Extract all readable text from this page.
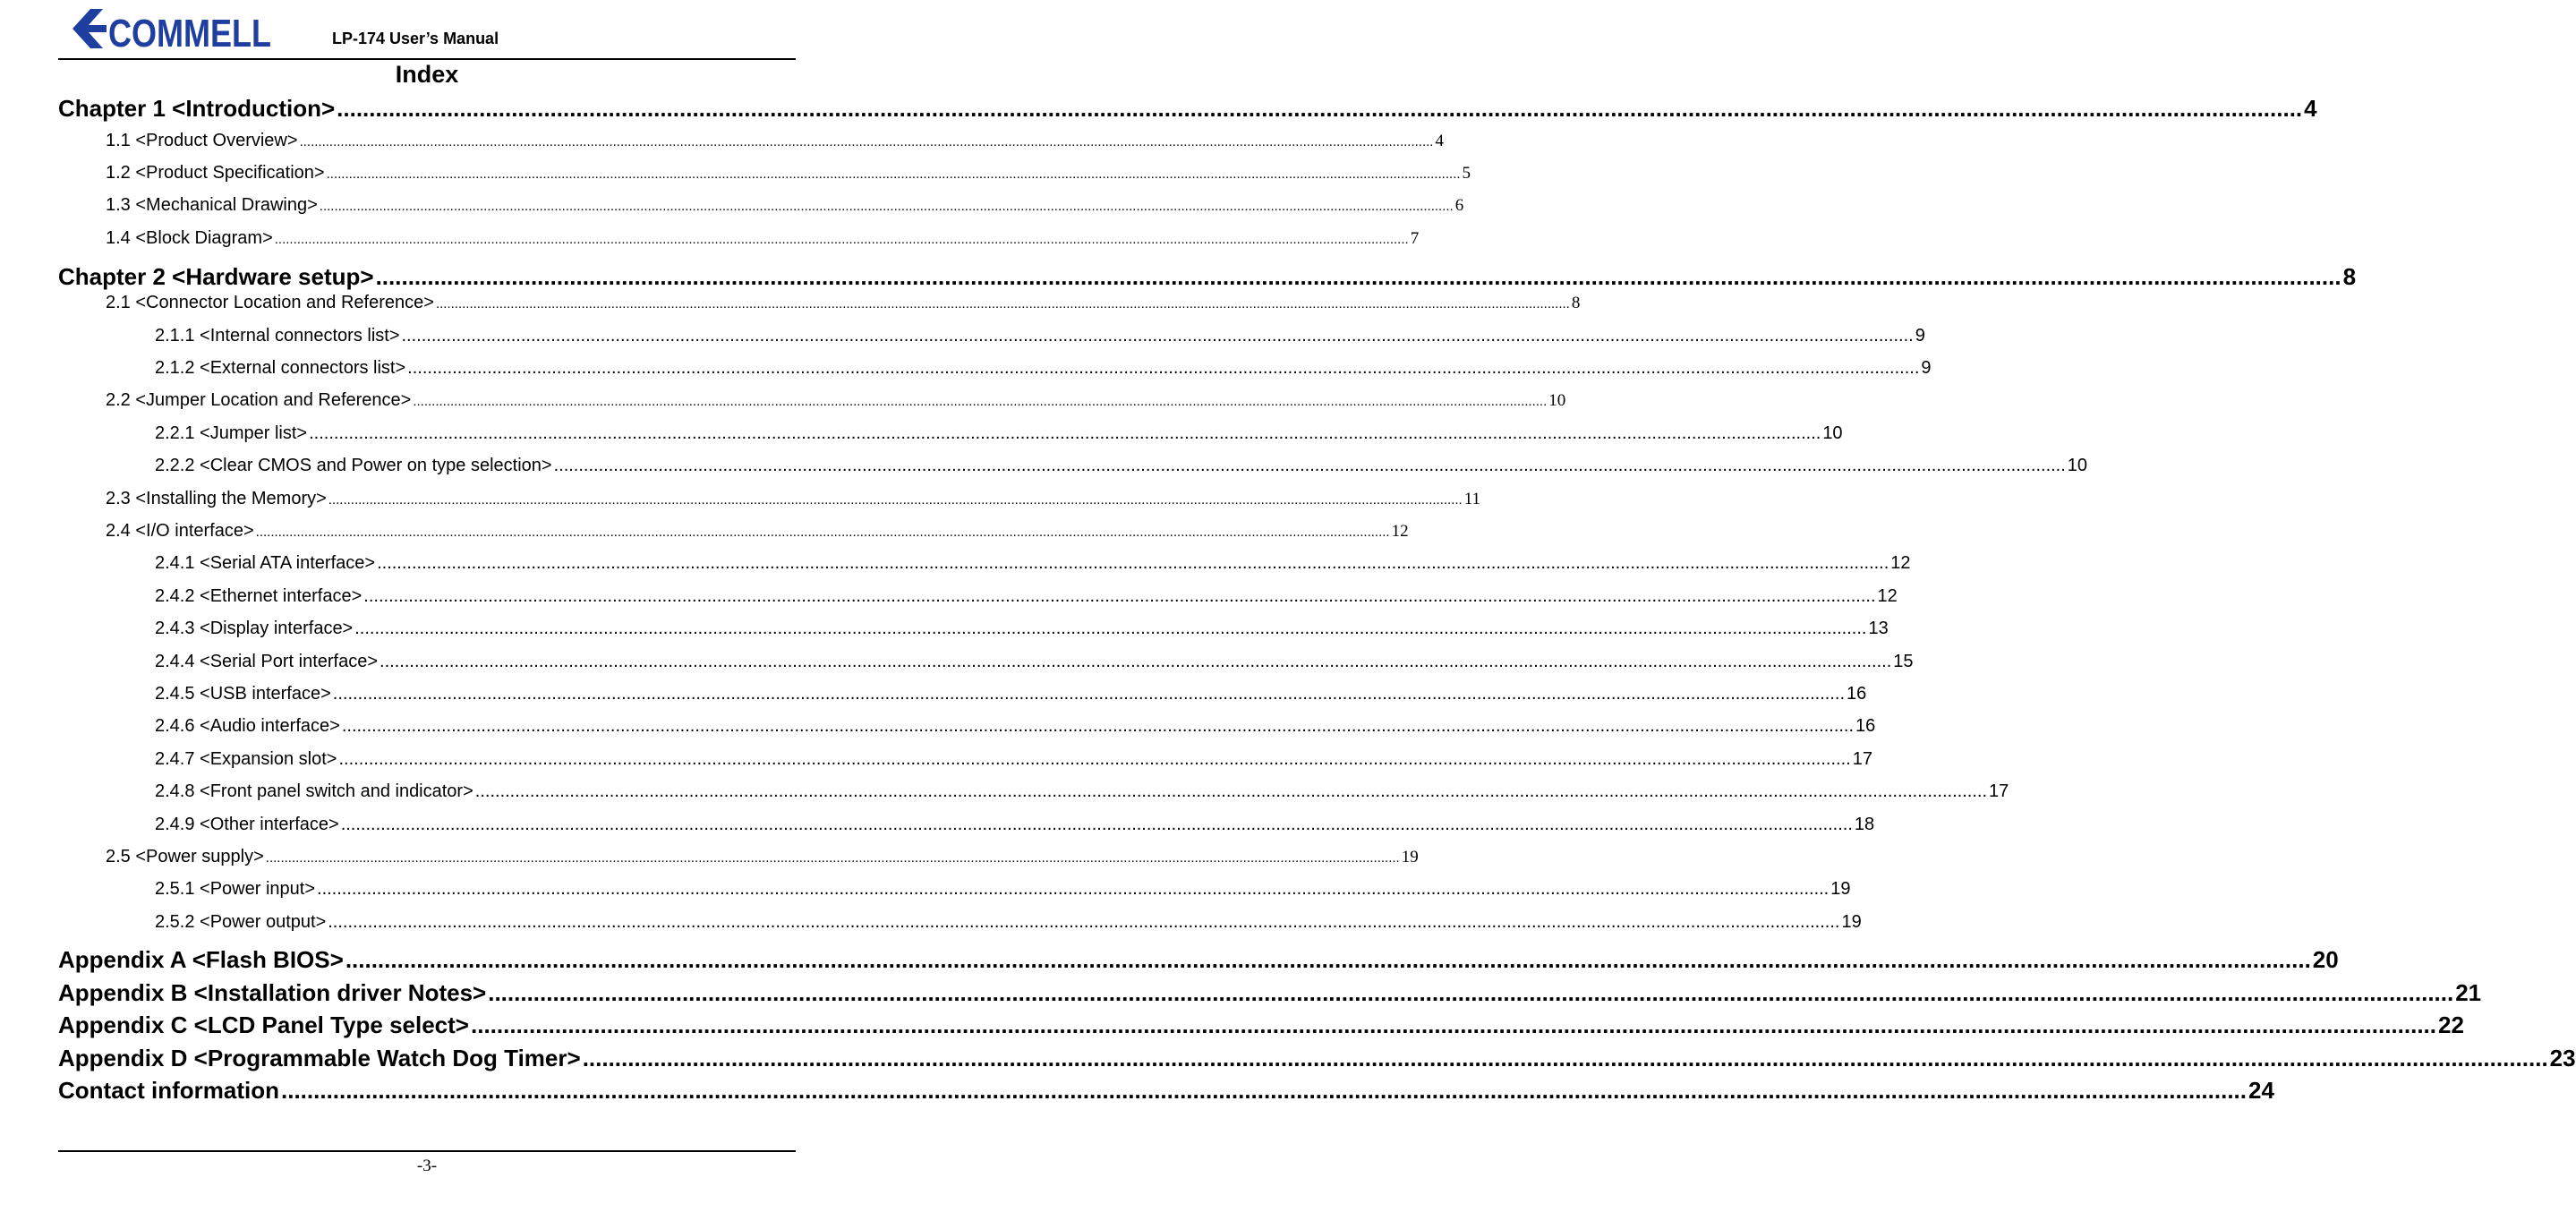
COMMELL	LP-174 User’s Manual
Index
Chapter 1 <Introduction> .....	4
1.1 <Product Overview> .....	4
1.2 <Product Specification> .....	5
1.3 <Mechanical Drawing> .....	6
1.4 <Block Diagram> .....	7
Chapter 2 <Hardware setup> .....	8
2.1 <Connector Location and Reference> .....	8
2.1.1 <Internal connectors list> .....	9
2.1.2 <External connectors list> .....	9
2.2 <Jumper Location and Reference> .....	10
2.2.1 <Jumper list> .....	10
2.2.2 <Clear CMOS and Power on type selection> .....	10
2.3 <Installing the Memory> .....	11
2.4 <I/O interface> .....	12
2.4.1 <Serial ATA interface> .....	12
2.4.2 <Ethernet interface> .....	12
2.4.3 <Display interface> .....	13
2.4.4 <Serial Port interface> .....	15
2.4.5 <USB interface> .....	16
2.4.6 <Audio interface> .....	16
2.4.7 <Expansion slot> .....	17
2.4.8 <Front panel switch and indicator> .....	17
2.4.9 <Other interface> .....	18
2.5 <Power supply> .....	19
2.5.1 <Power input> .....	19
2.5.2 <Power output> .....	19
Appendix A <Flash BIOS> .....	20
Appendix B <Installation driver Notes> .....	21
Appendix C <LCD Panel Type select> .....	22
Appendix D <Programmable Watch Dog Timer> .....	23
Contact information .....	24
-3-
